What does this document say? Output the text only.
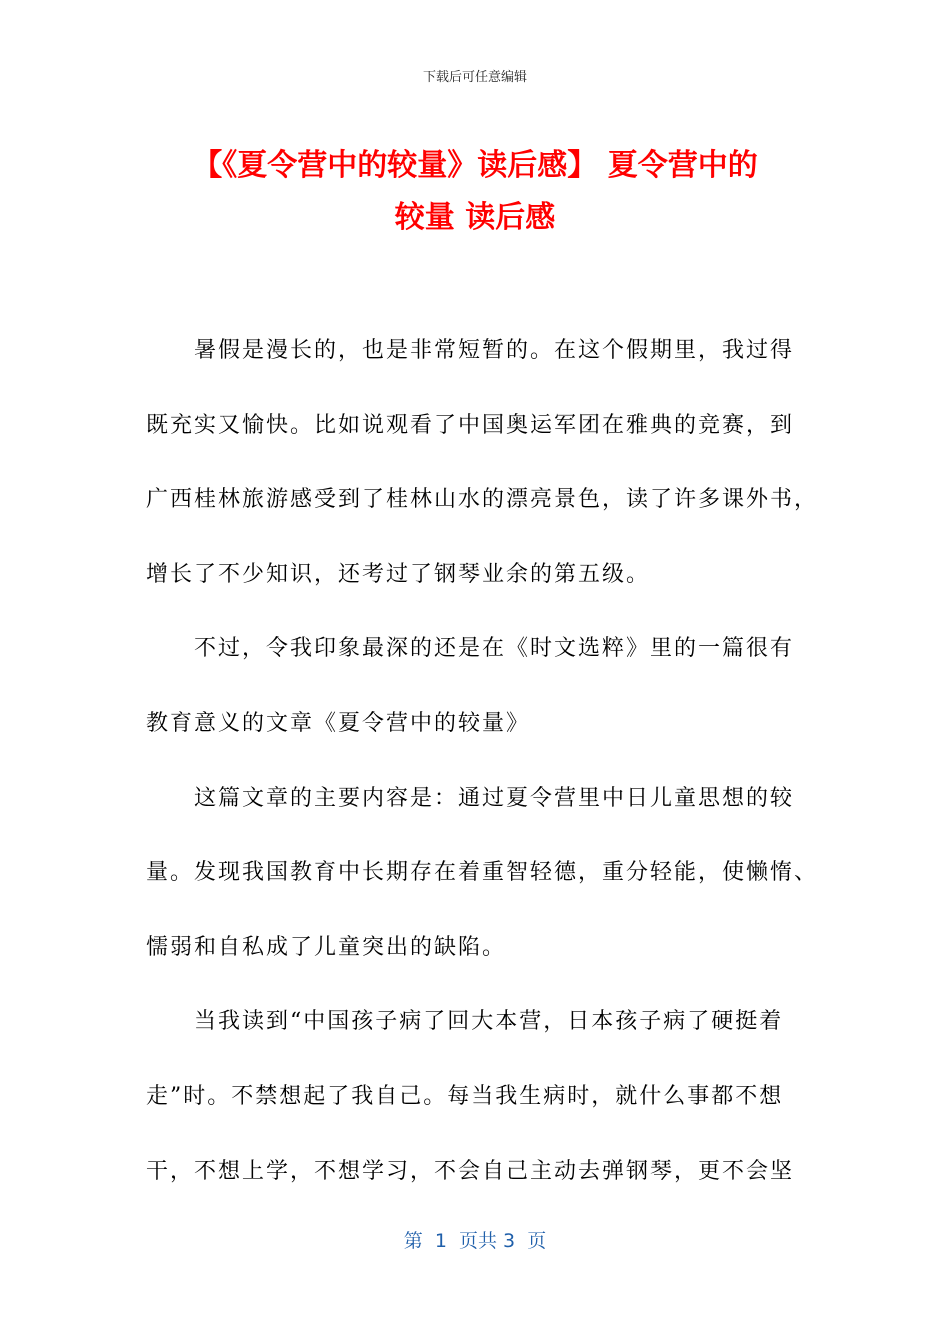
下载后可任意编辑
【《夏令营中的较量》读后感】 夏令营中的
较量 读后感
暑假是漫长的，也是非常短暂的。在这个假期里，我过得
既充实又愉快。比如说观看了中国奥运军团在雅典的竞赛，到
广西桂林旅游感受到了桂林山水的漂亮景色，读了许多课外书，
增长了不少知识，还考过了钢琴业余的第五级。
不过，令我印象最深的还是在《时文选粹》里的一篇很有
教育意义的文章《夏令营中的较量》
这篇文章的主要内容是：通过夏令营里中日儿童思想的较
量。发现我国教育中长期存在着重智轻德，重分轻能，使懒惰、
懦弱和自私成了儿童突出的缺陷。
当我读到“中国孩子病了回大本营，日本孩子病了硬挺着
走”时。不禁想起了我自己。每当我生病时，就什么事都不想
干，不想上学，不想学习，不会自己主动去弹钢琴，更不会坚
第  1  页共 3  页
